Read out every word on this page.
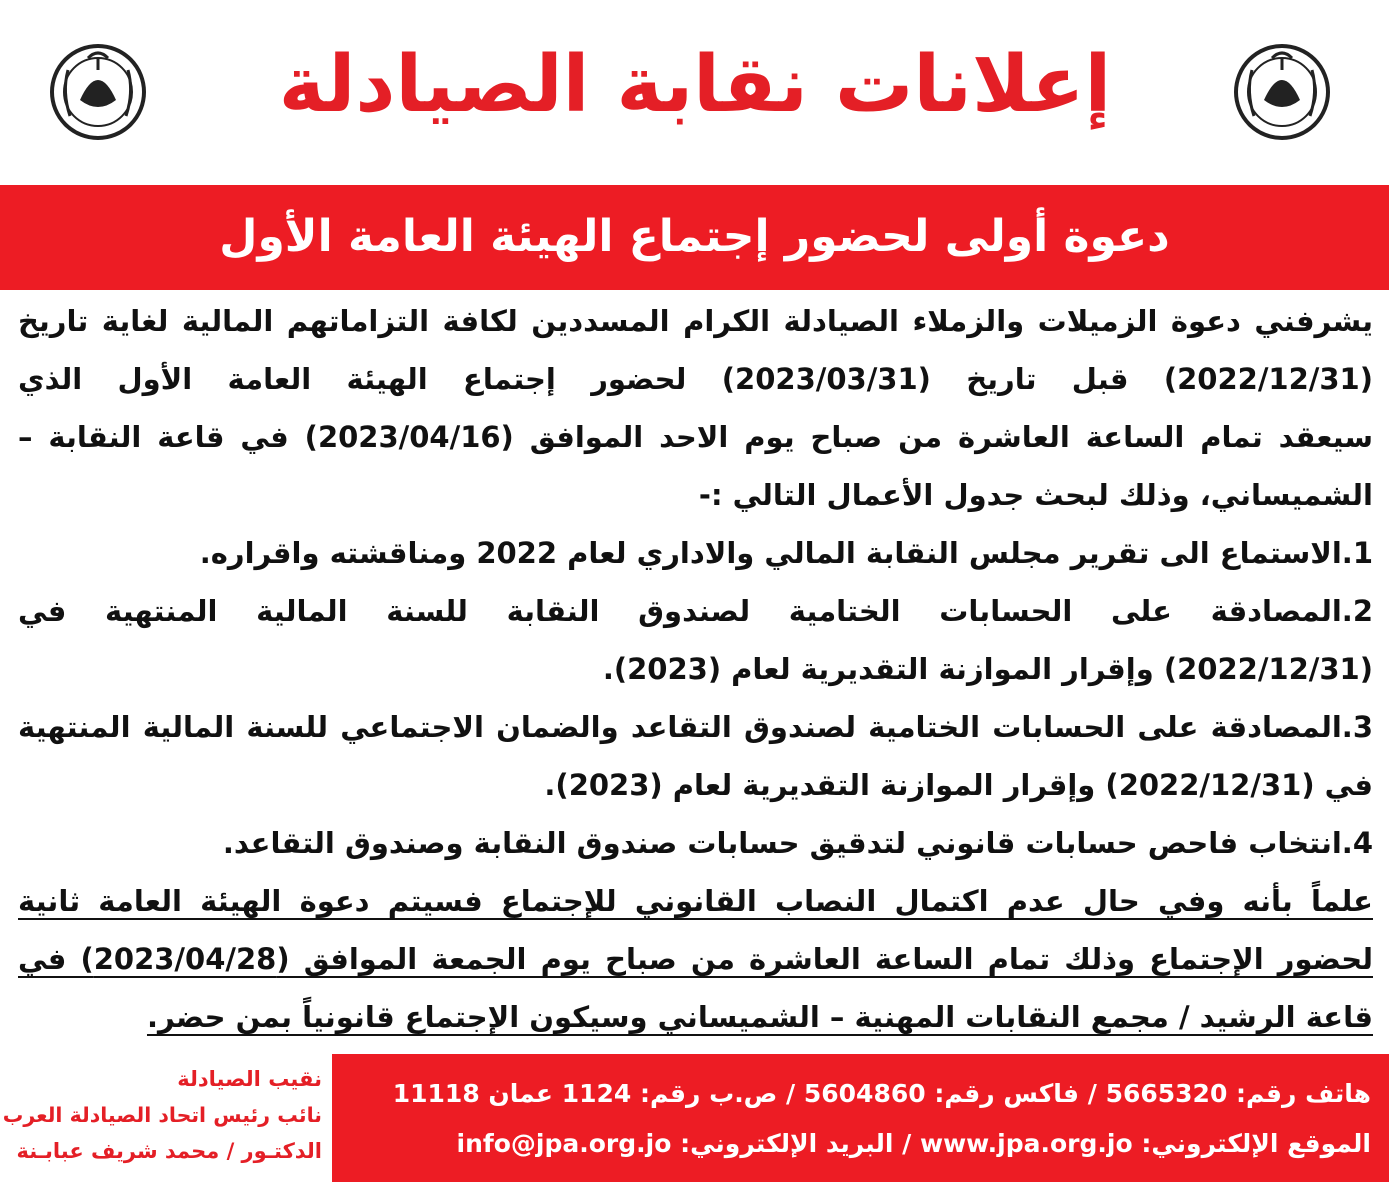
إعلانات نقابة الصيادلة
دعوة أولى لحضور إجتماع الهيئة العامة الأول
يشرفني دعوة الزميلات والزملاء الصيادلة الكرام المسددين لكافة التزاماتهم المالية لغاية تاريخ
(2022/12/31) قبل تاريخ (2023/03/31) لحضور إجتماع الهيئة العامة الأول الذي
سيعقد تمام الساعة العاشرة من صباح يوم الاحد الموافق (2023/04/16) في قاعة النقابة –
الشميساني، وذلك لبحث جدول الأعمال التالي :-
1.الاستماع الى تقرير مجلس النقابة المالي والاداري لعام 2022 ومناقشته واقراره.
2.المصادقة على الحسابات الختامية لصندوق النقابة للسنة المالية المنتهية في
(2022/12/31) وإقرار الموازنة التقديرية لعام (2023).
3.المصادقة على الحسابات الختامية لصندوق التقاعد والضمان الاجتماعي للسنة المالية المنتهية
في (2022/12/31) وإقرار الموازنة التقديرية لعام (2023).
4.انتخاب فاحص حسابات قانوني لتدقيق حسابات صندوق النقابة وصندوق التقاعد.
علماً بأنه وفي حال عدم اكتمال النصاب القانوني للإجتماع فسيتم دعوة الهيئة العامة ثانية
لحضور الإجتماع وذلك تمام الساعة العاشرة من صباح يوم الجمعة الموافق (2023/04/28) في
قاعة الرشيد / مجمع النقابات المهنية – الشميساني وسيكون الإجتماع قانونياً بمن حضر.
نقيب الصيادلة
نائب رئيس اتحاد الصيادلة العرب
الدكتـور / محمد شريف عبابـنة
هاتف رقم: 5665320 / فاكس رقم: 5604860 / ص.ب رقم: 1124 عمان 11118
الموقع الإلكتروني: www.jpa.org.jo / البريد الإلكتروني: info@jpa.org.jo
